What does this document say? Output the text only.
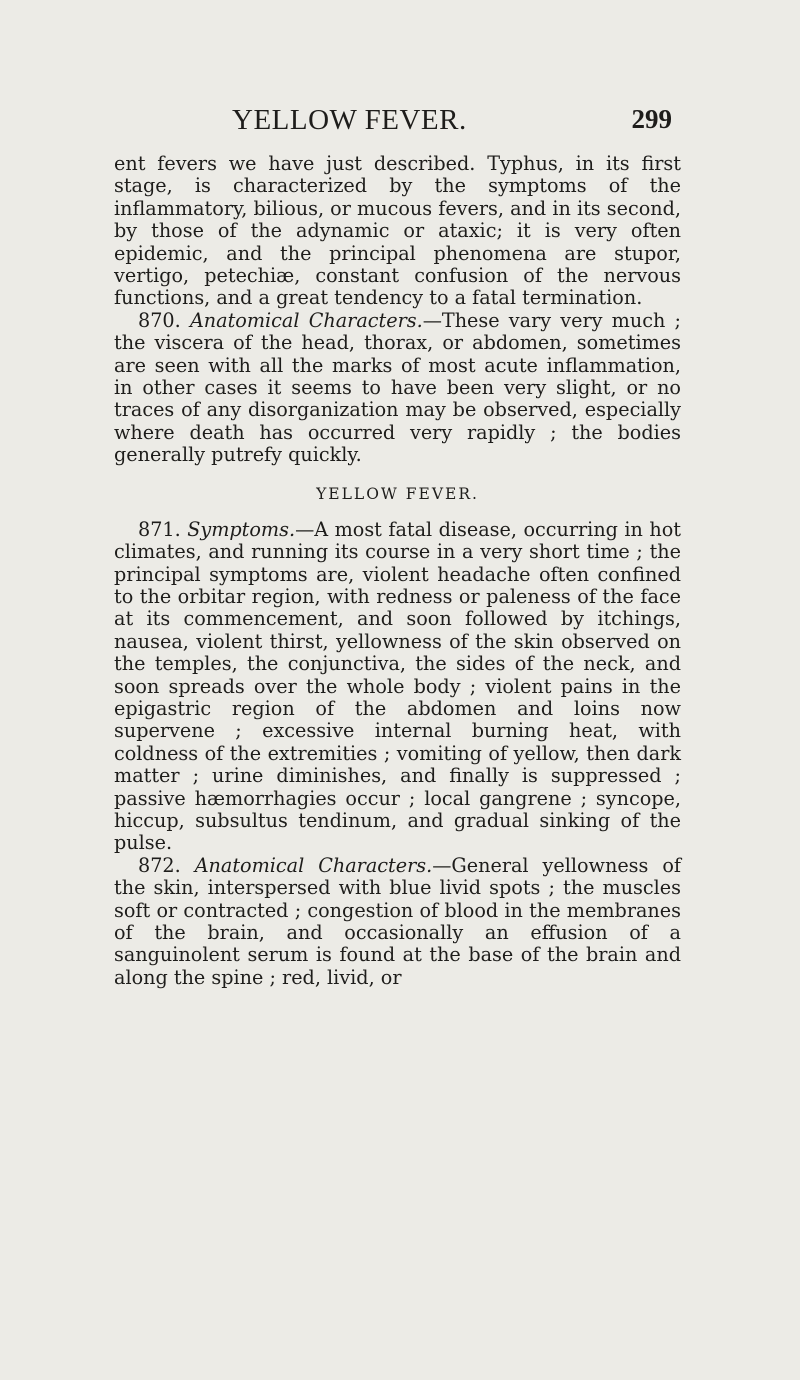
YELLOW FEVER.	299

ent fevers we have just described. Typhus, in its first stage, is characterized by the symptoms of the inflammatory, bilious, or mucous fevers, and in its second, by those of the adynamic or ataxic; it is very often epidemic, and the principal phenomena are stupor, vertigo, petechiæ, constant confusion of the nervous functions, and a great tendency to a fatal termination.

870. Anatomical Characters.—These vary very much ; the viscera of the head, thorax, or abdomen, sometimes are seen with all the marks of most acute inflammation, in other cases it seems to have been very slight, or no traces of any disorganization may be observed, especially where death has occurred very rapidly ; the bodies generally putrefy quickly.

YELLOW FEVER.

871. Symptoms.—A most fatal disease, occurring in hot climates, and running its course in a very short time ; the principal symptoms are, violent headache often confined to the orbitar region, with redness or paleness of the face at its commencement, and soon followed by itchings, nausea, violent thirst, yellowness of the skin observed on the temples, the conjunctiva, the sides of the neck, and soon spreads over the whole body ; violent pains in the epigastric region of the abdomen and loins now supervene ; excessive internal burning heat, with coldness of the extremities ; vomiting of yellow, then dark matter ; urine diminishes, and finally is suppressed ; passive hæmorrhagies occur ; local gangrene ; syncope, hiccup, subsultus tendinum, and gradual sinking of the pulse.

872. Anatomical Characters.—General yellowness of the skin, interspersed with blue livid spots ; the muscles soft or contracted ; congestion of blood in the membranes of the brain, and occasionally an effusion of a sanguinolent serum is found at the base of the brain and along the spine ; red, livid, or
